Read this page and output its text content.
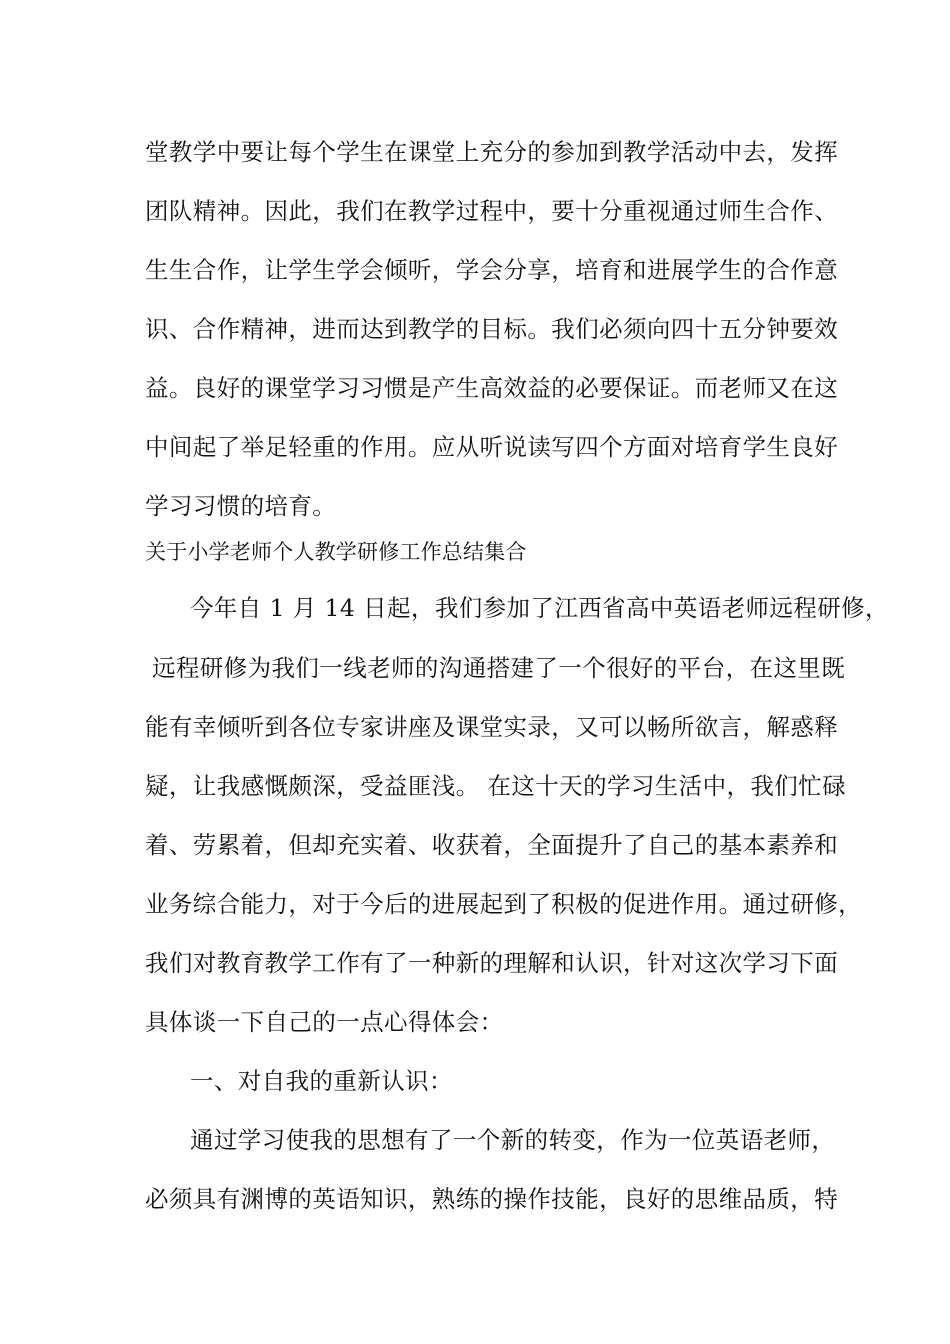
堂教学中要让每个学生在课堂上充分的参加到教学活动中去，发挥
团队精神。因此，我们在教学过程中，要十分重视通过师生合作、
生生合作，让学生学会倾听，学会分享，培育和进展学生的合作意
识、合作精神，进而达到教学的目标。我们必须向四十五分钟要效
益。良好的课堂学习习惯是产生高效益的必要保证。而老师又在这
中间起了举足轻重的作用。应从听说读写四个方面对培育学生良好
学习习惯的培育。
关于小学老师个人教学研修工作总结集合
今年自 1 月 14 日起，我们参加了江西省高中英语老师远程研修，
远程研修为我们一线老师的沟通搭建了一个很好的平台，在这里既
能有幸倾听到各位专家讲座及课堂实录，又可以畅所欲言，解惑释
疑，让我感慨颇深，受益匪浅。 在这十天的学习生活中，我们忙碌
着、劳累着，但却充实着、收获着，全面提升了自己的基本素养和
业务综合能力，对于今后的进展起到了积极的促进作用。通过研修，
我们对教育教学工作有了一种新的理解和认识，针对这次学习下面
具体谈一下自己的一点心得体会：
一、对自我的重新认识：
通过学习使我的思想有了一个新的转变，作为一位英语老师，
必须具有渊博的英语知识，熟练的操作技能，良好的思维品质，特
